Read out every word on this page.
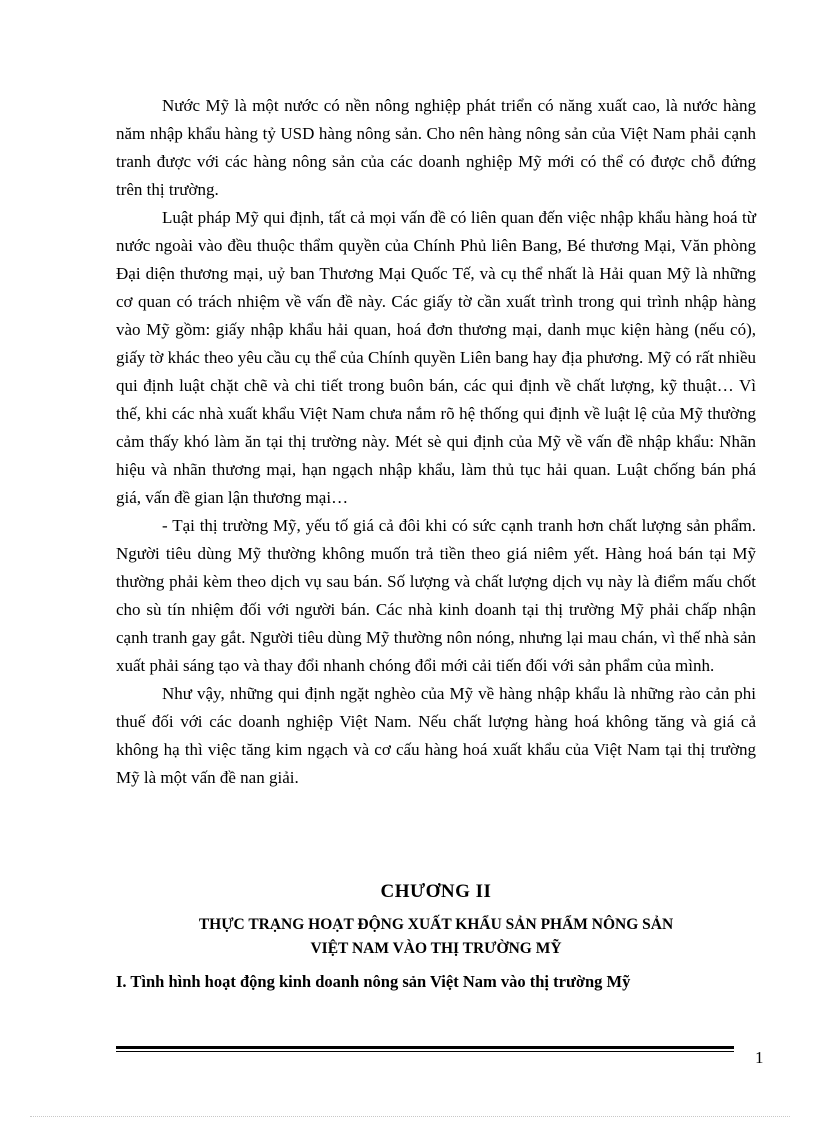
Nước Mỹ là một nước có nền nông nghiệp phát triển có năng xuất cao, là nước hàng năm nhập khẩu hàng tỷ USD hàng nông sản. Cho nên hàng nông sản của Việt Nam phải cạnh tranh được với các hàng nông sản của các doanh nghiệp Mỹ mới có thể có được chỗ đứng trên thị trường.

Luật pháp Mỹ qui định, tất cả mọi vấn đề có liên quan đến việc nhập khẩu hàng hoá từ nước ngoài vào đều thuộc thẩm quyền của Chính Phủ liên Bang, Bé thương Mại, Văn phòng Đại diện thương mại, uỷ ban Thương Mại Quốc Tế, và cụ thể nhất là Hải quan Mỹ là những cơ quan có trách nhiệm về vấn đề này. Các giấy tờ cần xuất trình trong qui trình nhập hàng vào Mỹ gồm: giấy nhập khẩu hải quan, hoá đơn thương mại, danh mục kiện hàng (nếu có), giấy tờ khác theo yêu cầu cụ thể của Chính quyền Liên bang hay địa phương. Mỹ có rất nhiều qui định luật chặt chẽ và chi tiết trong buôn bán, các qui định về chất lượng, kỹ thuật… Vì thế, khi các nhà xuất khẩu Việt Nam chưa nắm rõ hệ thống qui định về luật lệ của Mỹ thường cảm thấy khó làm ăn tại thị trường này. Mét sè qui định của Mỹ về vấn đề nhập khẩu: Nhãn hiệu và nhãn thương mại, hạn ngạch nhập khẩu, làm thủ tục hải quan. Luật chống bán phá giá, vấn đề gian lận thương mại…

- Tại thị trường Mỹ, yếu tố giá cả đôi khi có sức cạnh tranh hơn chất lượng sản phẩm. Người tiêu dùng Mỹ thường không muốn trả tiền theo giá niêm yết. Hàng hoá bán tại Mỹ thường phải kèm theo dịch vụ sau bán. Số lượng và chất lượng dịch vụ này là điểm mấu chốt cho sù tín nhiệm đối với người bán. Các nhà kinh doanh tại thị trường Mỹ phải chấp nhận cạnh tranh gay gắt. Người tiêu dùng Mỹ thường nôn nóng, nhưng lại mau chán, vì thế nhà sản xuất phải sáng tạo và thay đổi nhanh chóng đổi mới cải tiến đối với sản phẩm của mình.

Như vậy, những qui định ngặt nghèo của Mỹ về hàng nhập khẩu là những rào cản phi thuế đối với các doanh nghiệp Việt Nam. Nếu chất lượng hàng hoá không tăng và giá cả không hạ thì việc tăng kim ngạch và cơ cấu hàng hoá xuất khẩu của Việt Nam tại thị trường Mỹ là một vấn đề nan giải.

CHƯƠNG II
THỰC TRẠNG HOẠT ĐỘNG XUẤT KHẨU SẢN PHẨM NÔNG SẢN
VIỆT NAM VÀO THỊ TRƯỜNG MỸ
I. Tình hình hoạt động kinh doanh nông sản Việt Nam vào thị trường Mỹ
1
